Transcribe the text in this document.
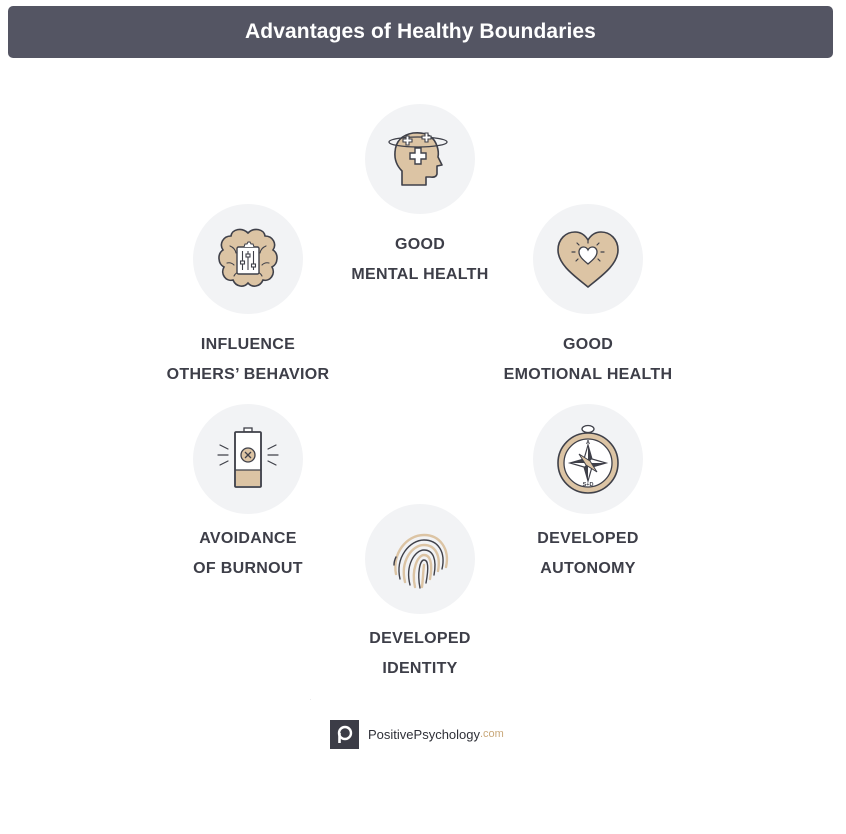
Advantages of Healthy Boundaries
GOOD
MENTAL HEALTH
GOOD
EMOTIONAL HEALTH
INFLUENCE
OTHERS’ BEHAVIOR
AVOIDANCE
OF BURNOUT
A
S+D
DEVELOPED
AUTONOMY
DEVELOPED
IDENTITY
p
PositivePsychology .com
